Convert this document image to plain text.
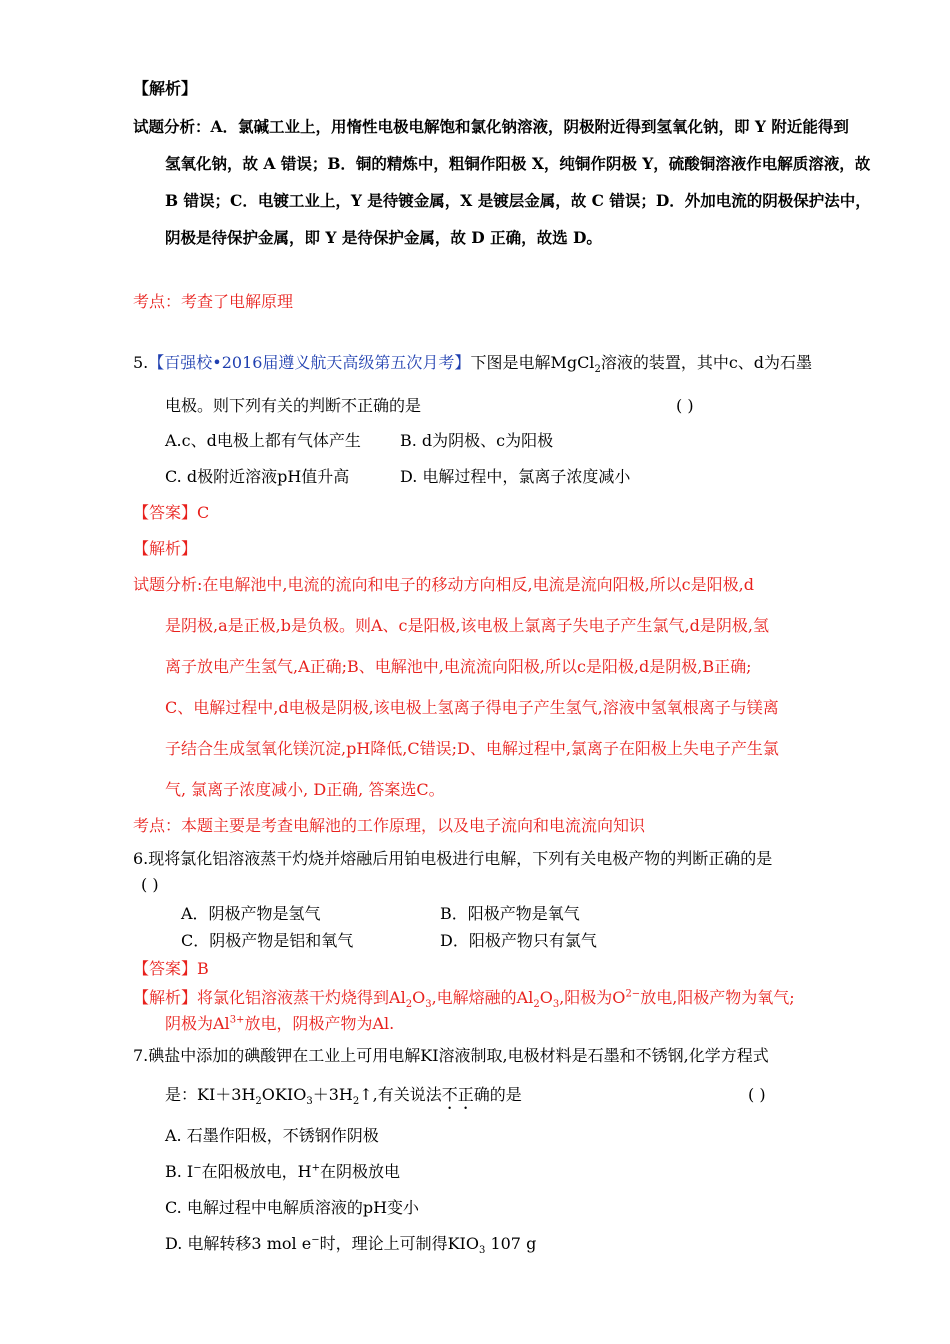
【解析】
试题分析：A．氯碱工业上，用惰性电极电解饱和氯化钠溶液，阴极附近得到氢氧化钠，即 Y 附近能得到
氢氧化钠，故 A 错误；B．铜的精炼中，粗铜作阳极 X，纯铜作阴极 Y，硫酸铜溶液作电解质溶液，故
B 错误；C．电镀工业上，Y 是待镀金属，X 是镀层金属，故 C 错误；D．外加电流的阴极保护法中，
阴极是待保护金属，即 Y 是待保护金属，故 D 正确，故选 D。
考点：考查了电解原理
5.【百强校•2016届遵义航天高级第五次月考】下图是电解MgCl$_2$溶液的装置，其中c、d为石墨
电极。则下列有关的判断不正确的是	( )
A.c、d电极上都有气体产生 B. d为阴极、c为阳极
C. d极附近溶液pH值升高	D. 电解过程中，氯离子浓度减小
【答案】C
【解析】
试题分析:在电解池中,电流的流向和电子的移动方向相反,电流是流向阳极,所以c是阳极,d
是阴极,a是正极,b是负极。则A、c是阳极,该电极上氯离子失电子产生氯气,d是阴极,氢
离子放电产生氢气,A正确;B、电解池中,电流流向阳极,所以c是阳极,d是阴极,B正确;
C、电解过程中,d电极是阴极,该电极上氢离子得电子产生氢气,溶液中氢氧根离子与镁离
子结合生成氢氧化镁沉淀,pH降低,C错误;D、电解过程中,氯离子在阳极上失电子产生氯
气, 氯离子浓度减小, D正确, 答案选C。
考点：本题主要是考查电解池的工作原理，以及电子流向和电流流向知识
6.现将氯化铝溶液蒸干灼烧并熔融后用铂电极进行电解，下列有关电极产物的判断正确的是
( )
A．阴极产物是氢气	B．阳极产物是氧气
C．阴极产物是铝和氧气	D．阳极产物只有氯气
【答案】B
【解析】将氯化铝溶液蒸干灼烧得到$Al_2O_3$,电解熔融的$Al_2O_3$,阳极为$O^{2-}$放电,阳极产物为氧气;
阴极为$Al^{3+}$放电，阴极产物为Al.
7.碘盐中添加的碘酸钾在工业上可用电解KI溶液制取,电极材料是石墨和不锈钢,化学方程式
是：$KI+3H_2OKIO_3+3H_2↑$,有关说法不正确的是	( )
A. 石墨作阳极，不锈钢作阴极
B. I−在阳极放电，H+在阴极放电
C. 电解过程中电解质溶液的pH变小
D. 电解转移3 mol e−时，理论上可制得$KIO_3$ 107 g
